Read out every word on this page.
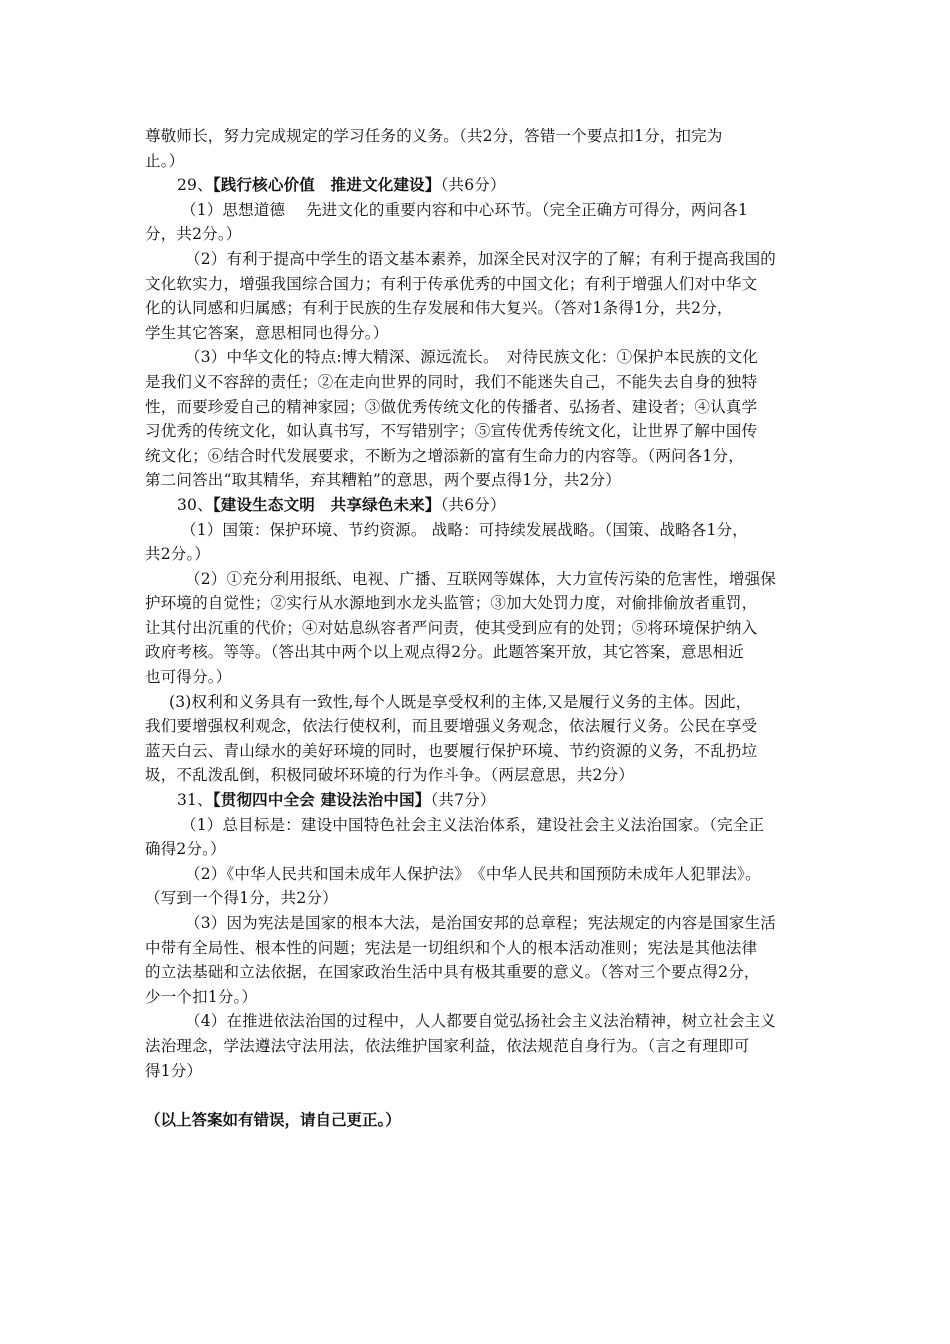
尊敬师长，努力完成规定的学习任务的义务。（共2分，答错一个要点扣1分，扣完为
止。）
29、【践行核心价值　推进文化建设】（共6分）
（1）思想道德　 先进文化的重要内容和中心环节。（完全正确方可得分，两问各1
分，共2分。）
（2）有利于提高中学生的语文基本素养，加深全民对汉字的了解；有利于提高我国的
文化软实力，增强我国综合国力；有利于传承优秀的中国文化；有利于增强人们对中华文
化的认同感和归属感；有利于民族的生存发展和伟大复兴。（答对1条得1分，共2分，
学生其它答案，意思相同也得分。）
（3）中华文化的特点:博大精深、源远流长。　对待民族文化：①保护本民族的文化
是我们义不容辞的责任；②在走向世界的同时，我们不能迷失自己，不能失去自身的独特
性，而要珍爱自己的精神家园；③做优秀传统文化的传播者、弘扬者、建设者；④认真学
习优秀的传统文化，如认真书写，不写错别字；⑤宣传优秀传统文化，让世界了解中国传
统文化；⑥结合时代发展要求，不断为之增添新的富有生命力的内容等。（两问各1分，
第二问答出“取其精华，弃其糟粕”的意思，两个要点得1分，共2分）
30、【建设生态文明　共享绿色未来】（共6分）
（1）国策：保护环境、节约资源。 战略：可持续发展战略。（国策、战略各1分，
共2分。）
（2）①充分利用报纸、电视、广播、互联网等媒体，大力宣传污染的危害性，增强保
护环境的自觉性；②实行从水源地到水龙头监管；③加大处罚力度，对偷排偷放者重罚，
让其付出沉重的代价；④对姑息纵容者严问责，使其受到应有的处罚；⑤将环境保护纳入
政府考核。等等。（答出其中两个以上观点得2分。此题答案开放，其它答案，意思相近
也可得分。）
(3)权利和义务具有一致性,每个人既是享受权利的主体,又是履行义务的主体。因此，
我们要增强权利观念，依法行使权利，而且要增强义务观念，依法履行义务。公民在享受
蓝天白云、青山绿水的美好环境的同时，也要履行保护环境、节约资源的义务，不乱扔垃
圾，不乱泼乱倒，积极同破坏环境的行为作斗争。（两层意思，共2分）
31、【贯彻四中全会 建设法治中国】（共7分）
（1）总目标是：建设中国特色社会主义法治体系，建设社会主义法治国家。（完全正
确得2分。）
（2）《中华人民共和国未成年人保护法》　《中华人民共和国预防未成年人犯罪法》。
（写到一个得1分，共2分）
（3）因为宪法是国家的根本大法，是治国安邦的总章程；宪法规定的内容是国家生活
中带有全局性、根本性的问题；宪法是一切组织和个人的根本活动准则；宪法是其他法律
的立法基础和立法依据，在国家政治生活中具有极其重要的意义。（答对三个要点得2分，
少一个扣1分。）
（4）在推进依法治国的过程中，人人都要自觉弘扬社会主义法治精神，树立社会主义
法治理念，学法遵法守法用法，依法维护国家利益，依法规范自身行为。（言之有理即可
得1分）
（以上答案如有错误，请自己更正。）
